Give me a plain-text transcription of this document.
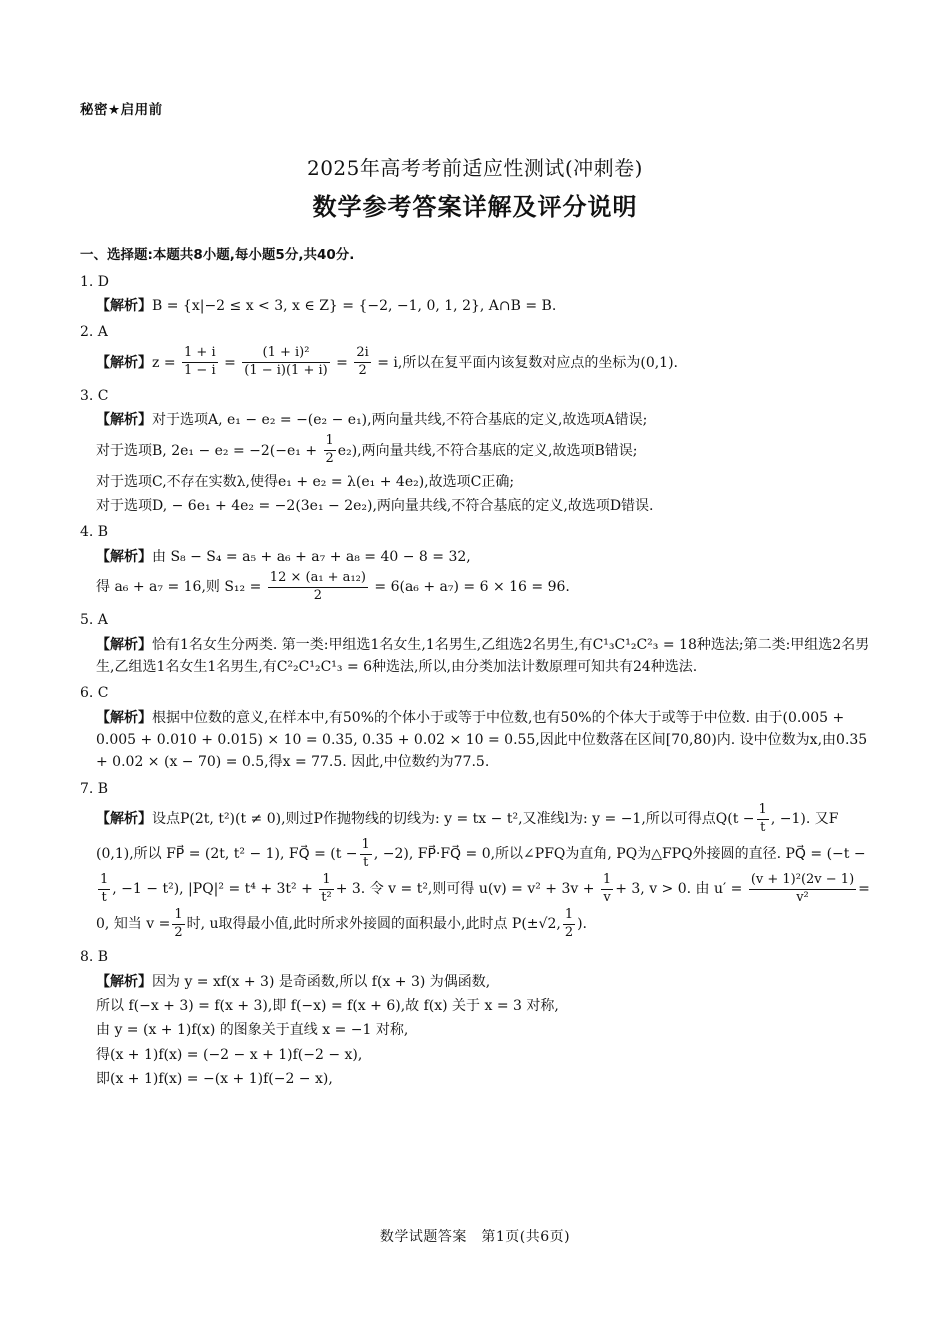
秘密★启用前
2025年高考考前适应性测试(冲刺卷)
数学参考答案详解及评分说明
一、选择题:本题共8小题,每小题5分,共40分.
1. D
【解析】B = {x|−2 ≤ x < 3, x ∈ Z} = {−2, −1, 0, 1, 2}, A∩B = B.
2. A
【解析】$z = \frac{1 + i}{1 - i} = \frac{\text{(1 + i)²}}{(1 - i)(1 + i)} = \frac{2i}{2} = i$,所以在复平面内该复数对应点的坐标为(0,1).
3. C
【解析】对于选项A, e₁ − e₂ = −(e₂ − e₁),两向量共线,不符合基底的定义,故选项A错误;
对于选项B, $2e_1 - e_2 = -2(-e_1 + \frac{1}{2} e_2)$,两向量共线,不符合基底的定义,故选项B错误;
对于选项C,不存在实数λ,使得e₁ + e₂ = λ(e₁ + 4e₂),故选项C正确;
对于选项D, − 6e₁ + 4e₂ = −2(3e₁ − 2e₂),两向量共线,不符合基底的定义,故选项D错误.
4. B
【解析】由 S₈ − S₄ = a₅ + a₆ + a₇ + a₈ = 40 − 8 = 32,
得 a₆ + a₇ = 16,则 $S_{12} = \frac{\text{12 × (a₁ + a₁₂)}}{2} = 6(a_6 + a_7) = 6 \times 16 = 96$.
5. A
【解析】恰有1名女生分两类. 第一类:甲组选1名女生,1名男生,乙组选2名男生,有C¹₃C¹₂C²₃ = 18种选法;第二类:甲组选2名男生,乙组选1名女生1名男生,有C²₂C¹₂C¹₃ = 6种选法,所以,由分类加法计数原理可知共有24种选法.
6. C
【解析】根据中位数的意义,在样本中,有50%的个体小于或等于中位数,也有50%的个体大于或等于中位数. 由于(0.005 + 0.005 + 0.010 + 0.015) × 10 = 0.35, 0.35 + 0.02 × 10 = 0.55,因此中位数落在区间[70,80)内. 设中位数为x,由0.35 + 0.02 × (x − 70) = 0.5,得x = 77.5. 因此,中位数约为77.5.
7. B
【解析】设点P(2t, t²)(t ≠ 0),则过P作抛物线的切线为: y = tx − t²,又准线l为: y = −1,所以可得点$Q(t - \frac{1}{t}$ , −1). 又F (0,1),所以 FP⃗ = (2t, t² − 1), FQ⃗ = ($t - \frac{1}{t}$ , −2), FP⃗·FQ⃗ = 0,所以∠PFQ为直角, PQ为△FPQ外接圆的直径. PQ⃗ = (−t −
$\frac{1}{t}$ , −1 − t²), $|PQ|^2 = t^4 + 3t^2 + \frac{1}{\text{t²}} + 3$. 令 v = t²,则可得 $u(v) = v^2 + 3v + \frac{1}{v} + 3$, v > 0. 由 $u' = \frac{\text{(v + 1)²(2v − 1)}}{\text{v²}} = 0$, 知当 $v = \frac{1}{2}$ 时, u取得最小值,此时所求外接圆的面积最小,此时点 P(±√2, $\frac{1}{2}$ ).
8. B
【解析】因为 y = xf(x + 3) 是奇函数,所以 f(x + 3) 为偶函数,
所以 f(−x + 3) = f(x + 3),即 f(−x) = f(x + 6),故 f(x) 关于 x = 3 对称,
由 y = (x + 1)f(x) 的图象关于直线 x = −1 对称,
得(x + 1)f(x) = (−2 − x + 1)f(−2 − x),
即(x + 1)f(x) = −(x + 1)f(−2 − x),
数学试题答案　第1页(共6页)
